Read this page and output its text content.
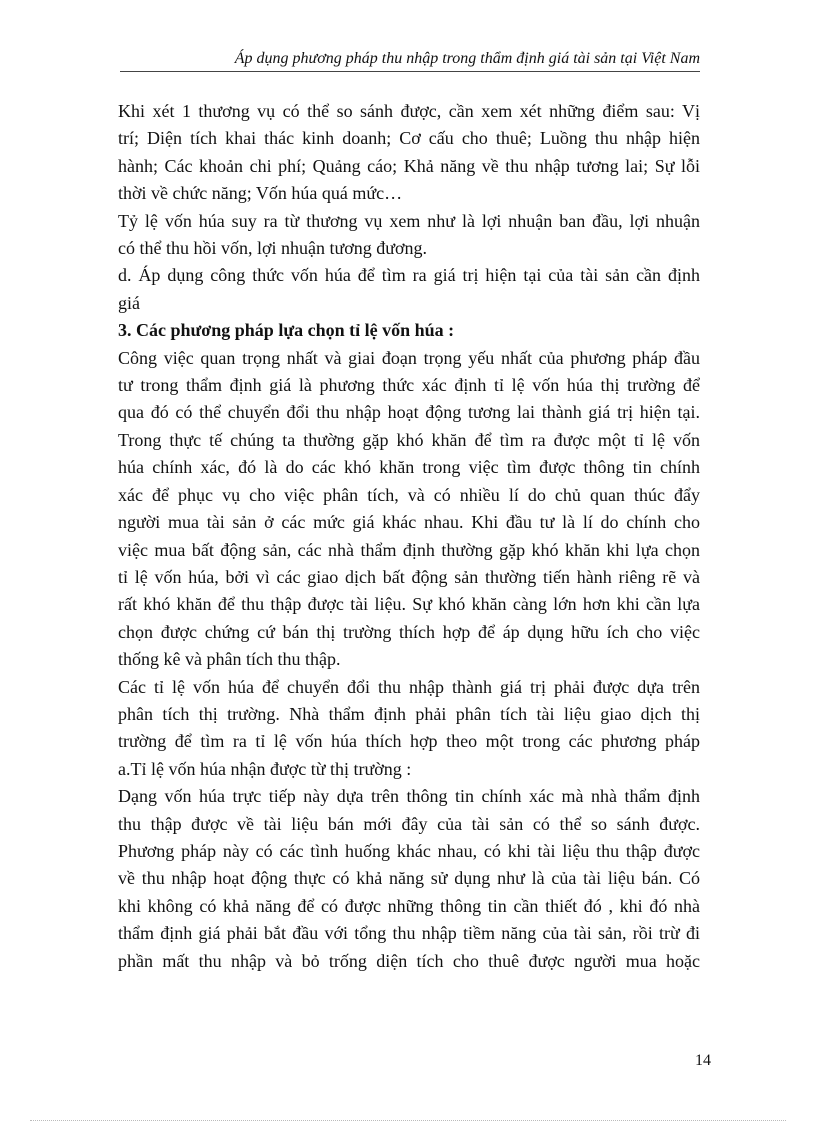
Áp dụng phương pháp thu nhập trong thẩm định giá tài sản tại Việt Nam
Khi xét 1 thương vụ có thể so sánh được, cần xem xét những điểm sau: Vị
trí; Diện tích khai thác kinh doanh; Cơ cấu cho thuê; Luồng thu nhập hiện
hành; Các khoản chi phí; Quảng cáo; Khả năng về thu nhập tương lai; Sự lỗi
thời về chức năng; Vốn húa quá mức…
Tỷ lệ vốn húa suy ra từ thương vụ xem như là lợi nhuận ban đầu, lợi nhuận
có thể thu hồi vốn, lợi nhuận tương đương.
d. Áp dụng công thức vốn húa để tìm ra giá trị hiện tại của tài sản cần định
giá
3. Các phương pháp lựa chọn tỉ lệ vốn húa :
Công việc quan trọng nhất và giai đoạn trọng yếu nhất của phương pháp đầu
tư trong thẩm định giá là phương thức xác định tỉ lệ vốn húa thị trường để
qua đó có thể chuyển đổi thu nhập hoạt động tương lai thành giá trị hiện tại.
Trong thực tế chúng ta thường gặp khó khăn để tìm ra được một tỉ lệ vốn
húa chính xác, đó là do các khó khăn trong việc tìm được thông tin chính
xác để phục vụ cho việc phân tích, và có nhiều lí do chủ quan thúc đẩy
người mua tài sản ở các mức giá khác nhau. Khi đầu tư là lí do chính cho
việc mua bất động sản, các nhà thẩm định thường gặp khó khăn khi lựa chọn
tỉ lệ vốn húa, bởi vì các giao dịch bất động sản thường tiến hành riêng rẽ và
rất khó khăn để thu thập được tài liệu. Sự khó khăn càng lớn hơn khi cần lựa
chọn được chứng cứ bán thị trường thích hợp để áp dụng hữu ích cho việc
thống kê và phân tích thu thập.
Các tỉ lệ vốn húa để chuyển đổi thu nhập thành giá trị phải được dựa trên
phân tích thị trường. Nhà thẩm định phải phân tích tài liệu giao dịch thị
trường để tìm ra tỉ lệ vốn húa thích hợp theo một trong các phương pháp
a.Tỉ lệ vốn húa nhận được từ thị trường :
Dạng vốn húa trực tiếp này dựa trên thông tin chính xác mà nhà thẩm định
thu thập được về tài liệu bán mới đây của tài sản có thể so sánh được.
Phương pháp này có các tình huống khác nhau, có khi tài liệu thu thập được
về thu nhập hoạt động thực có khả năng sử dụng như là của tài liệu bán. Có
khi không có khả năng để có được những thông tin cần thiết đó , khi đó nhà
thẩm định giá phải bắt đầu với tổng thu nhập tiềm năng của tài sản, rồi trừ đi
phần mất thu nhập và bỏ trống diện tích cho thuê được người mua hoặc
14
